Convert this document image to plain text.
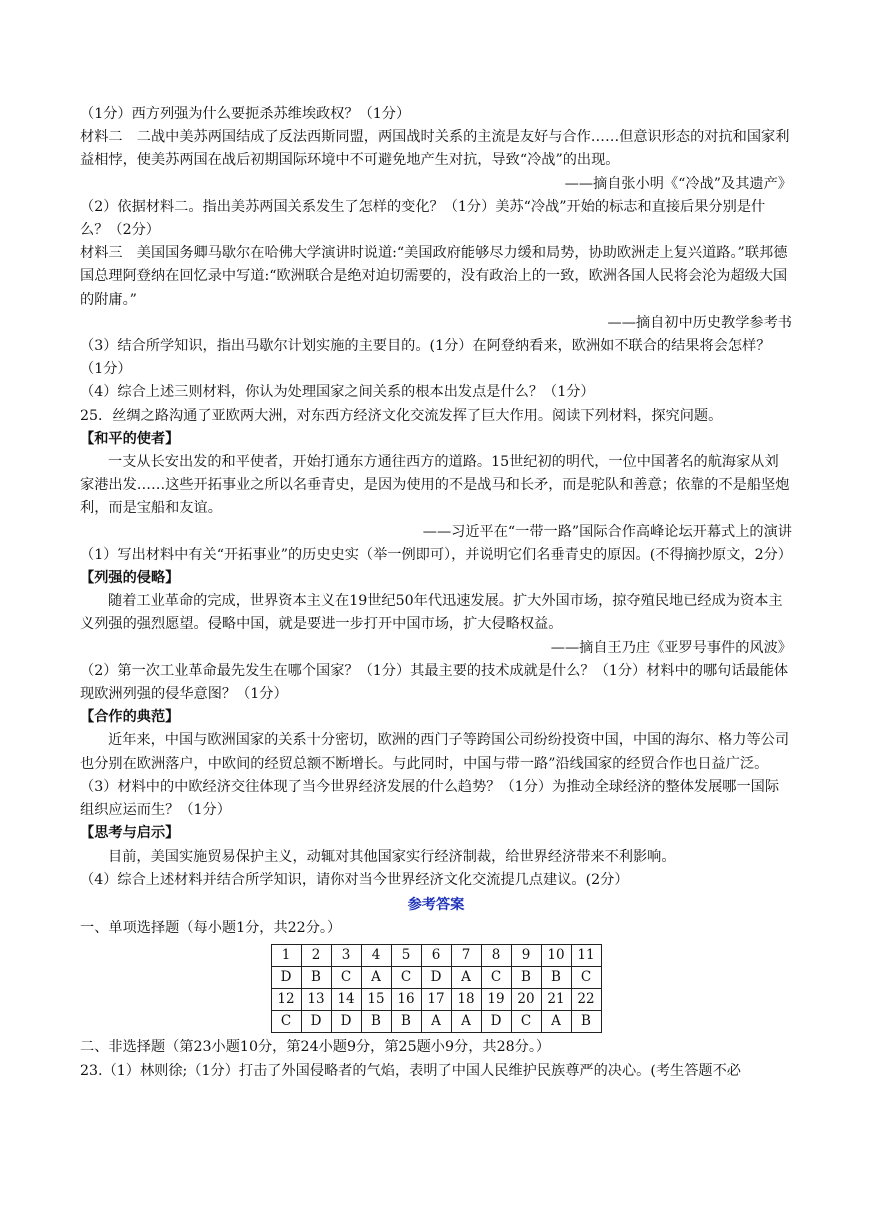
（1分）西方列强为什么要扼杀苏维埃政权？（1分）

材料二　二战中美苏两国结成了反法西斯同盟，两国战时关系的主流是友好与合作……但意识形态的对抗和国家利益相悖，使美苏两国在战后初期国际环境中不可避免地产生对抗，导致“冷战”的出现。

——摘自张小明《“冷战”及其遗产》

（2）依据材料二。指出美苏两国关系发生了怎样的变化？（1分）美苏“冷战”开始的标志和直接后果分别是什么？（2分）

材料三　美国国务卿马歇尔在哈佛大学演讲时说道:“美国政府能够尽力缓和局势，协助欧洲走上复兴道路。”联邦德国总理阿登纳在回忆录中写道:“欧洲联合是绝对迫切需要的，没有政治上的一致，欧洲各国人民将会沦为超级大国的附庸。”

——摘自初中历史教学参考书

（3）结合所学知识，指出马歇尔计划实施的主要目的。(1分）在阿登纳看来，欧洲如不联合的结果将会怎样？（1分）

（4）综合上述三则材料，你认为处理国家之间关系的根本出发点是什么？（1分）

25．丝绸之路沟通了亚欧两大洲，对东西方经济文化交流发挥了巨大作用。阅读下列材料，探究问题。

【和平的使者】

一支从长安出发的和平使者，开始打通东方通往西方的道路。15世纪初的明代，一位中国著名的航海家从刘家港出发……这些开拓事业之所以名垂青史，是因为使用的不是战马和长矛，而是驼队和善意；依靠的不是船坚炮利，而是宝船和友谊。

——习近平在“一带一路”国际合作高峰论坛开幕式上的演讲

（1）写出材料中有关“开拓事业”的历史史实（举一例即可），并说明它们名垂青史的原因。(不得摘抄原文，2分）

【列强的侵略】

随着工业革命的完成，世界资本主义在19世纪50年代迅速发展。扩大外国市场，掠夺殖民地已经成为资本主义列强的强烈愿望。侵略中国，就是要进一步打开中国市场，扩大侵略权益。

——摘自王乃庄《亚罗号事件的风波》

（2）第一次工业革命最先发生在哪个国家？（1分）其最主要的技术成就是什么？（1分）材料中的哪句话最能体现欧洲列强的侵华意图？（1分）

【合作的典范】

近年来，中国与欧洲国家的关系十分密切，欧洲的西门子等跨国公司纷纷投资中国，中国的海尔、格力等公司也分别在欧洲落户，中欧间的经贸总额不断增长。与此同时，中国与带一路”沿线国家的经贸合作也日益广泛。

（3）材料中的中欧经济交往体现了当今世界经济发展的什么趋势？（1分）为推动全球经济的整体发展哪一国际组织应运而生？（1分）

【思考与启示】

目前，美国实施贸易保护主义，动辄对其他国家实行经济制裁，给世界经济带来不利影响。

（4）综合上述材料并结合所学知识，请你对当今世界经济文化交流提几点建议。(2分）

参考答案

一、单项选择题（每小题1分，共22分。）

1	2	3	4	5	6	7	8	9	10	11
D	B	C	A	C	D	A	C	B	B	C
12	13	14	15	16	17	18	19	20	21	22
C	D	D	B	B	A	A	D	C	A	B

二、非选择题（第23小题10分，第24小题9分，第25题小9分，共28分。）

23.（1）林则徐;（1分）打击了外国侵略者的气焰，表明了中国人民维护民族尊严的决心。(考生答题不必
